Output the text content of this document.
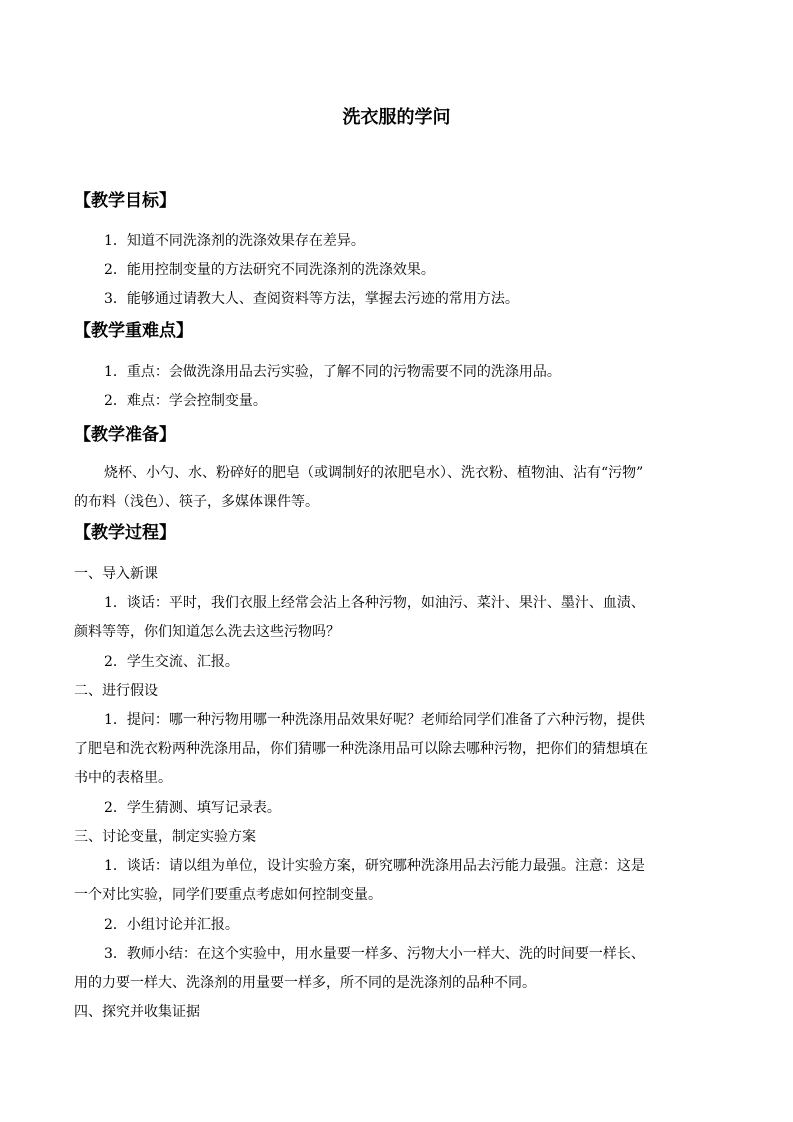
洗衣服的学问
【教学目标】
1．知道不同洗涤剂的洗涤效果存在差异。
2．能用控制变量的方法研究不同洗涤剂的洗涤效果。
3．能够通过请教大人、查阅资料等方法，掌握去污迹的常用方法。
【教学重难点】
1．重点：会做洗涤用品去污实验，了解不同的污物需要不同的洗涤用品。
2．难点：学会控制变量。
【教学准备】
烧杯、小勺、水、粉碎好的肥皂（或调制好的浓肥皂水）、洗衣粉、植物油、沾有“污物”
的布料（浅色）、筷子，多媒体课件等。
【教学过程】
一、导入新课
1．谈话：平时，我们衣服上经常会沾上各种污物，如油污、菜汁、果汁、墨汁、血渍、
颜料等等，你们知道怎么洗去这些污物吗？
2．学生交流、汇报。
二、进行假设
1．提问：哪一种污物用哪一种洗涤用品效果好呢？老师给同学们准备了六种污物，提供
了肥皂和洗衣粉两种洗涤用品，你们猜哪一种洗涤用品可以除去哪种污物，把你们的猜想填在
书中的表格里。
2．学生猜测、填写记录表。
三、讨论变量，制定实验方案
1．谈话：请以组为单位，设计实验方案，研究哪种洗涤用品去污能力最强。注意：这是
一个对比实验，同学们要重点考虑如何控制变量。
2．小组讨论并汇报。
3．教师小结：在这个实验中，用水量要一样多、污物大小一样大、洗的时间要一样长、
用的力要一样大、洗涤剂的用量要一样多，所不同的是洗涤剂的品种不同。
四、探究并收集证据
